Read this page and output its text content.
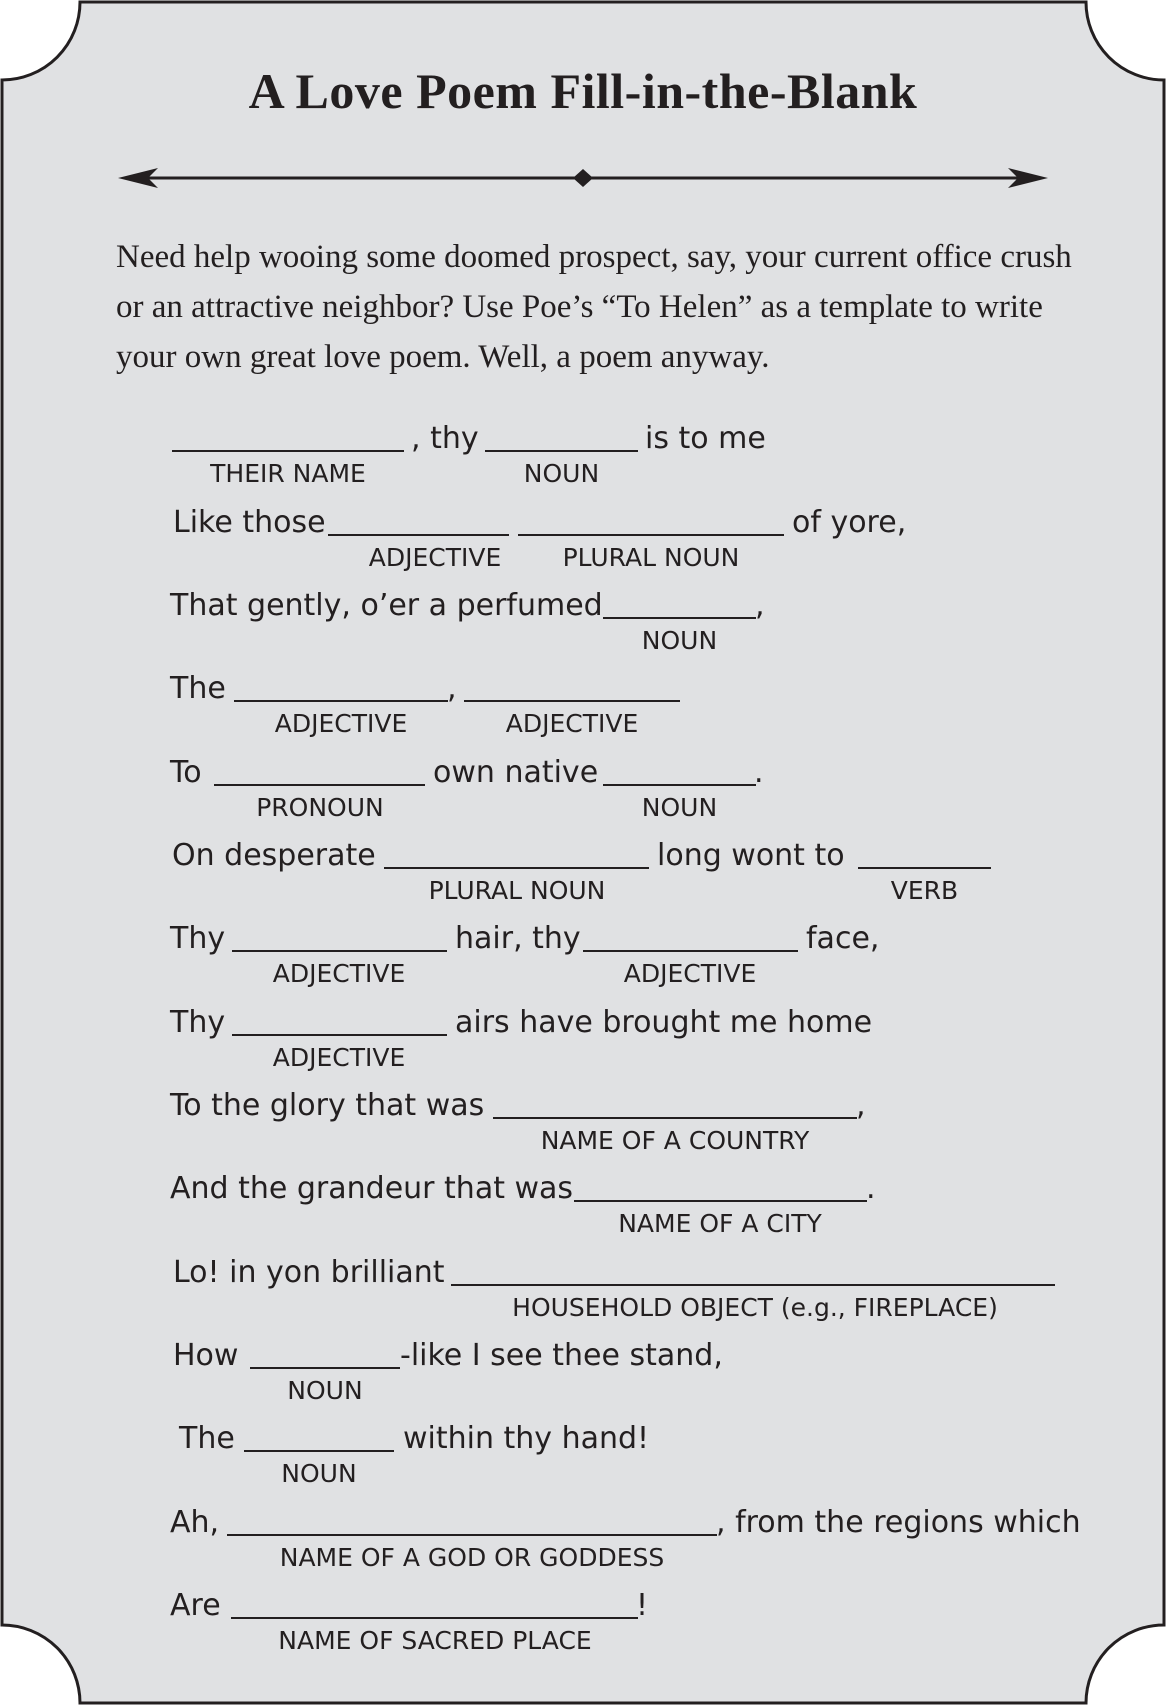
A Love Poem Fill-in-the-Blank
Need help wooing some doomed prospect, say, your current office crush or an attractive neighbor? Use Poe’s “To Helen” as a template to write your own great love poem. Well, a poem anyway.
, thy	is to me
THEIR NAME	NOUN
Like those	of yore,
ADJECTIVE	PLURAL NOUN
That gently, o’er a perfumed	,
NOUN
The	,
ADJECTIVE	ADJECTIVE
To	own native	.
PRONOUN	NOUN
On desperate	long wont to
PLURAL NOUN	VERB
Thy	hair, thy	face,
ADJECTIVE	ADJECTIVE
Thy	airs have brought me home
ADJECTIVE
To the glory that was	,
NAME OF A COUNTRY
And the grandeur that was	.
NAME OF A CITY
Lo! in yon brilliant
HOUSEHOLD OBJECT (e.g., FIREPLACE)
How	-like I see thee stand,
NOUN
The	within thy hand!
NOUN
Ah,	, from the regions which
NAME OF A GOD OR GODDESS
Are	!
NAME OF SACRED PLACE
